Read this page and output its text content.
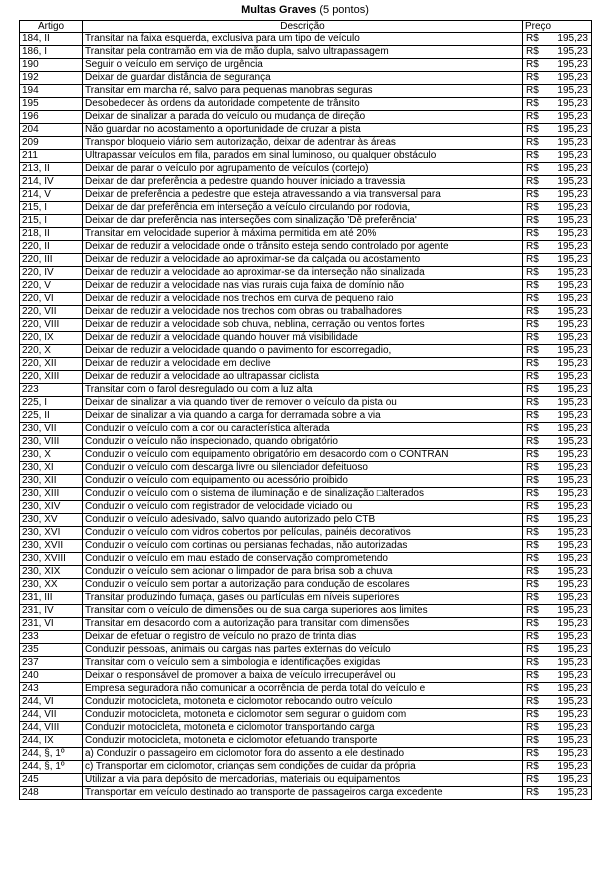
Multas Graves (5 pontos)
Artigo	Descrição	Preço
184, II	Transitar na faixa esquerda, exclusiva para um tipo de veículo	R$ 195,23

186, I	Transitar pela contramão em via de mão dupla, salvo ultrapassagem	R$ 195,23

190	Seguir o veículo em serviço de urgência	R$ 195,23

192	Deixar de guardar distância de segurança	R$ 195,23

194	Transitar em marcha ré, salvo para pequenas manobras seguras	R$ 195,23

195	Desobedecer às ordens da autoridade competente de trânsito	R$ 195,23

196	Deixar de sinalizar a parada do veículo ou mudança de direção	R$ 195,23

204	Não guardar no acostamento a oportunidade de cruzar a pista	R$ 195,23

209	Transpor bloqueio viário sem autorização, deixar de adentrar às áreas	R$ 195,23

211	Ultrapassar veículos em fila, parados em sinal luminoso, ou qualquer obstáculo	R$ 195,23

213, II	Deixar de parar o veículo por agrupamento de veículos (cortejo)	R$ 195,23

214, IV	Deixar de dar preferência a pedestre quando houver iniciado a travessia	R$ 195,23

214, V	Deixar de preferência a pedestre que esteja atravessando a via transversal para	R$ 195,23

215, I	Deixar de dar preferência em interseção a veículo circulando por rodovia,	R$ 195,23

215, I	Deixar de dar preferência nas interseções com sinalização 'Dê preferência'	R$ 195,23

218, II	Transitar em velocidade superior à máxima permitida em até 20%	R$ 195,23

220, II	Deixar de reduzir a velocidade onde o trânsito esteja sendo controlado por agente	R$ 195,23

220, III	Deixar de reduzir a velocidade ao aproximar-se da calçada ou acostamento	R$ 195,23

220, IV	Deixar de reduzir a velocidade ao aproximar-se da interseção não sinalizada	R$ 195,23

220, V	Deixar de reduzir a velocidade nas vias rurais cuja faixa de domínio não	R$ 195,23

220, VI	Deixar de reduzir a velocidade nos trechos em curva de pequeno raio	R$ 195,23

220, VII	Deixar de reduzir a velocidade nos trechos com obras ou trabalhadores	R$ 195,23

220, VIII	Deixar de reduzir a velocidade sob chuva, neblina, cerração ou ventos fortes	R$ 195,23

220, IX	Deixar de reduzir a velocidade quando houver má visibilidade	R$ 195,23

220, X	Deixar de reduzir a velocidade quando o pavimento for escorregadio,	R$ 195,23

220, XII	Deixar de reduzir a velocidade em declive	R$ 195,23

220, XIII	Deixar de reduzir a velocidade ao ultrapassar ciclista	R$ 195,23

223	Transitar com o farol desregulado ou com a luz alta	R$ 195,23

225, I	Deixar de sinalizar a via quando tiver de remover o veículo da pista ou	R$ 195,23

225, II	Deixar de sinalizar a via quando a carga for derramada sobre a via	R$ 195,23

230, VII	Conduzir o veículo com a cor ou característica alterada	R$ 195,23

230, VIII	Conduzir o veículo não inspecionado, quando obrigatório	R$ 195,23

230, X	Conduzir o veículo com equipamento obrigatório em desacordo com o CONTRAN	R$ 195,23

230, XI	Conduzir o veículo com descarga livre ou silenciador defeituoso	R$ 195,23

230, XII	Conduzir o veículo com equipamento ou acessório proibido	R$ 195,23

230, XIII	Conduzir o veículo com o sistema de iluminação e de sinalização □alterados	R$ 195,23

230, XIV	Conduzir o veículo com registrador de velocidade viciado ou	R$ 195,23

230, XV	Conduzir o veículo adesivado, salvo quando autorizado pelo CTB	R$ 195,23

230, XVI	Conduzir o veículo com vidros cobertos por películas, painéis decorativos	R$ 195,23

230, XVII	Conduzir o veículo com cortinas ou persianas fechadas, não autorizadas	R$ 195,23

230, XVIII	Conduzir o veículo em mau estado de conservação comprometendo	R$ 195,23

230, XIX	Conduzir o veículo sem acionar o limpador de para brisa sob a chuva	R$ 195,23

230, XX	Conduzir o veículo sem portar a autorização para condução de escolares	R$ 195,23

231, III	Transitar produzindo fumaça, gases ou partículas em níveis superiores	R$ 195,23

231, IV	Transitar com o veículo de dimensões ou de sua carga superiores aos limites	R$ 195,23

231, VI	Transitar em desacordo com a autorização para transitar com dimensões	R$ 195,23

233	Deixar de efetuar o registro de veículo no prazo de trinta dias	R$ 195,23

235	Conduzir pessoas, animais ou cargas nas partes externas do veículo	R$ 195,23

237	Transitar com o veículo sem a simbologia e identificações exigidas	R$ 195,23

240	Deixar o responsável de promover a baixa de veículo irrecuperável ou	R$ 195,23

243	Empresa seguradora não comunicar a ocorrência de perda total do veículo e	R$ 195,23

244, VI	Conduzir motocicleta, motoneta e ciclomotor rebocando outro veículo	R$ 195,23

244, VII	Conduzir motocicleta, motoneta e ciclomotor sem segurar o guidom com	R$ 195,23

244, VIII	Conduzir motocicleta, motoneta e ciclomotor transportando carga	R$ 195,23

244, IX	Conduzir motocicleta, motoneta e ciclomotor efetuando transporte	R$ 195,23

244, §, 1º	a) Conduzir o passageiro em ciclomotor fora do assento a ele destinado	R$ 195,23

244, §, 1º	c) Transportar em ciclomotor, crianças sem condições de cuidar da própria	R$ 195,23

245	Utilizar a via para depósito de mercadorias, materiais ou equipamentos	R$ 195,23

248	Transportar em veículo destinado ao transporte de passageiros carga excedente	R$ 195,23
